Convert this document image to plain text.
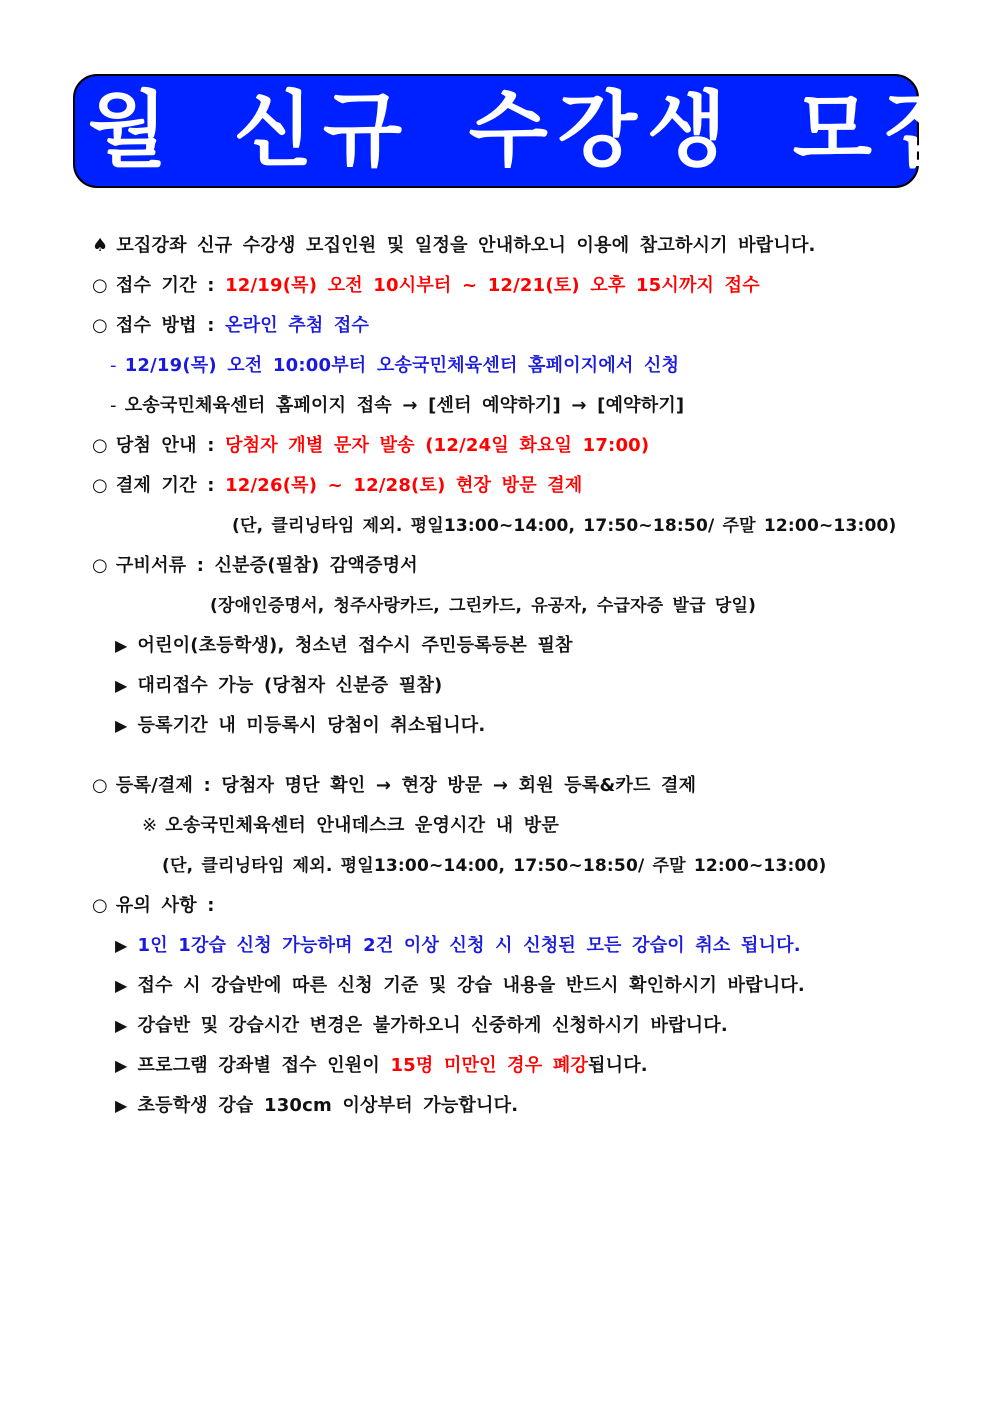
1월 신규 수강생 모집
♠ 모집강좌 신규 수강생 모집인원 및 일정을 안내하오니 이용에 참고하시기 바랍니다.
○ 접수 기간 : 12/19(목) 오전 10시부터 ~ 12/21(토) 오후 15시까지 접수
○ 접수 방법 : 온라인 추첨 접수
- 12/19(목) 오전 10:00부터 오송국민체육센터 홈페이지에서 신청
- 오송국민체육센터 홈페이지 접속 → [센터 예약하기] → [예약하기]
○ 당첨 안내 : 당첨자 개별 문자 발송 (12/24일 화요일 17:00)
○ 결제 기간 : 12/26(목) ~ 12/28(토) 현장 방문 결제
(단, 클리닝타임 제외. 평일13:00~14:00, 17:50~18:50/ 주말 12:00~13:00)
○ 구비서류 : 신분증(필참) 감액증명서
(장애인증명서, 청주사랑카드, 그린카드, 유공자, 수급자증 발급 당일)
▶ 어린이(초등학생), 청소년 접수시 주민등록등본 필참
▶ 대리접수 가능 (당첨자 신분증 필참)
▶ 등록기간 내 미등록시 당첨이 취소됩니다.
○ 등록/결제 : 당첨자 명단 확인 → 현장 방문 → 회원 등록&카드 결제
※ 오송국민체육센터 안내데스크 운영시간 내 방문
(단, 클리닝타임 제외. 평일13:00~14:00, 17:50~18:50/ 주말 12:00~13:00)
○ 유의 사항 :
▶ 1인 1강습 신청 가능하며 2건 이상 신청 시 신청된 모든 강습이 취소 됩니다.
▶ 접수 시 강습반에 따른 신청 기준 및 강습 내용을 반드시 확인하시기 바랍니다.
▶ 강습반 및 강습시간 변경은 불가하오니 신중하게 신청하시기 바랍니다.
▶ 프로그램 강좌별 접수 인원이 15명 미만인 경우 폐강됩니다.
▶ 초등학생 강습 130cm 이상부터 가능합니다.
